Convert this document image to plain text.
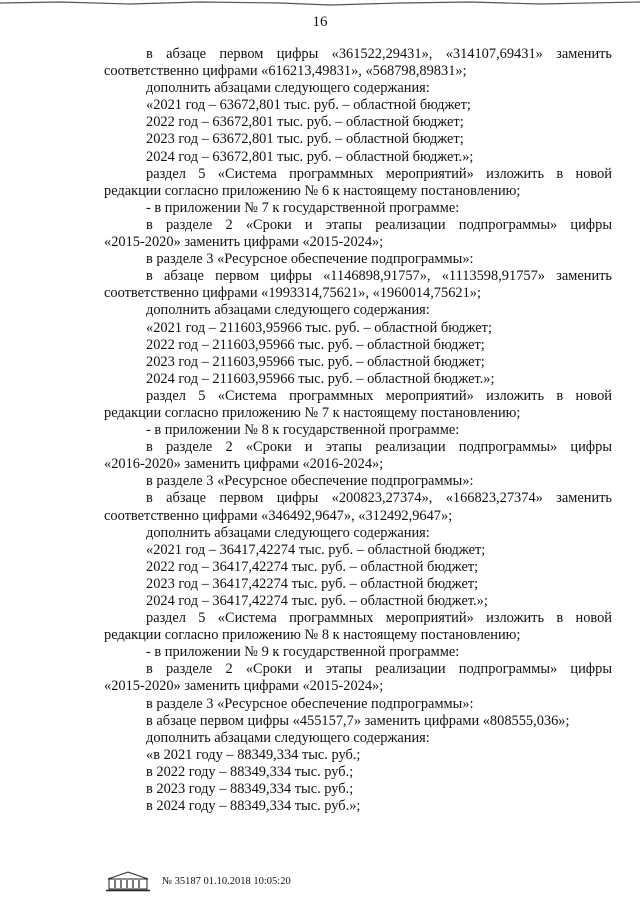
16
в абзаце первом цифры «361522,29431», «314107,69431» заменить
соответственно цифрами «616213,49831», «568798,89831»;
дополнить абзацами следующего содержания:
«2021 год – 63672,801 тыс. руб. – областной бюджет;
2022 год – 63672,801 тыс. руб. – областной бюджет;
2023 год – 63672,801 тыс. руб. – областной бюджет;
2024 год – 63672,801 тыс. руб. – областной бюджет.»;
раздел 5 «Система программных мероприятий» изложить в новой
редакции согласно приложению № 6 к настоящему постановлению;
- в приложении № 7 к государственной программе:
в разделе 2 «Сроки и этапы реализации подпрограммы» цифры
«2015-2020» заменить цифрами «2015-2024»;
в разделе 3 «Ресурсное обеспечение подпрограммы»:
в абзаце первом цифры «1146898,91757», «1113598,91757» заменить
соответственно цифрами «1993314,75621», «1960014,75621»;
дополнить абзацами следующего содержания:
«2021 год – 211603,95966 тыс. руб. – областной бюджет;
2022 год – 211603,95966 тыс. руб. – областной бюджет;
2023 год – 211603,95966 тыс. руб. – областной бюджет;
2024 год – 211603,95966 тыс. руб. – областной бюджет.»;
раздел 5 «Система программных мероприятий» изложить в новой
редакции согласно приложению № 7 к настоящему постановлению;
- в приложении № 8 к государственной программе:
в разделе 2 «Сроки и этапы реализации подпрограммы» цифры
«2016-2020» заменить цифрами «2016-2024»;
в разделе 3 «Ресурсное обеспечение подпрограммы»:
в абзаце первом цифры «200823,27374», «166823,27374» заменить
соответственно цифрами «346492,9647», «312492,9647»;
дополнить абзацами следующего содержания:
«2021 год – 36417,42274 тыс. руб. – областной бюджет;
2022 год – 36417,42274 тыс. руб. – областной бюджет;
2023 год – 36417,42274 тыс. руб. – областной бюджет;
2024 год – 36417,42274 тыс. руб. – областной бюджет.»;
раздел 5 «Система программных мероприятий» изложить в новой
редакции согласно приложению № 8 к настоящему постановлению;
- в приложении № 9 к государственной программе:
в разделе 2 «Сроки и этапы реализации подпрограммы» цифры
«2015-2020» заменить цифрами «2015-2024»;
в разделе 3 «Ресурсное обеспечение подпрограммы»:
в абзаце первом цифры «455157,7» заменить цифрами «808555,036»;
дополнить абзацами следующего содержания:
«в 2021 году – 88349,334 тыс. руб.;
в 2022 году – 88349,334 тыс. руб.;
в 2023 году – 88349,334 тыс. руб.;
в 2024 году – 88349,334 тыс. руб.»;
№ 35187 01.10.2018 10:05:20
